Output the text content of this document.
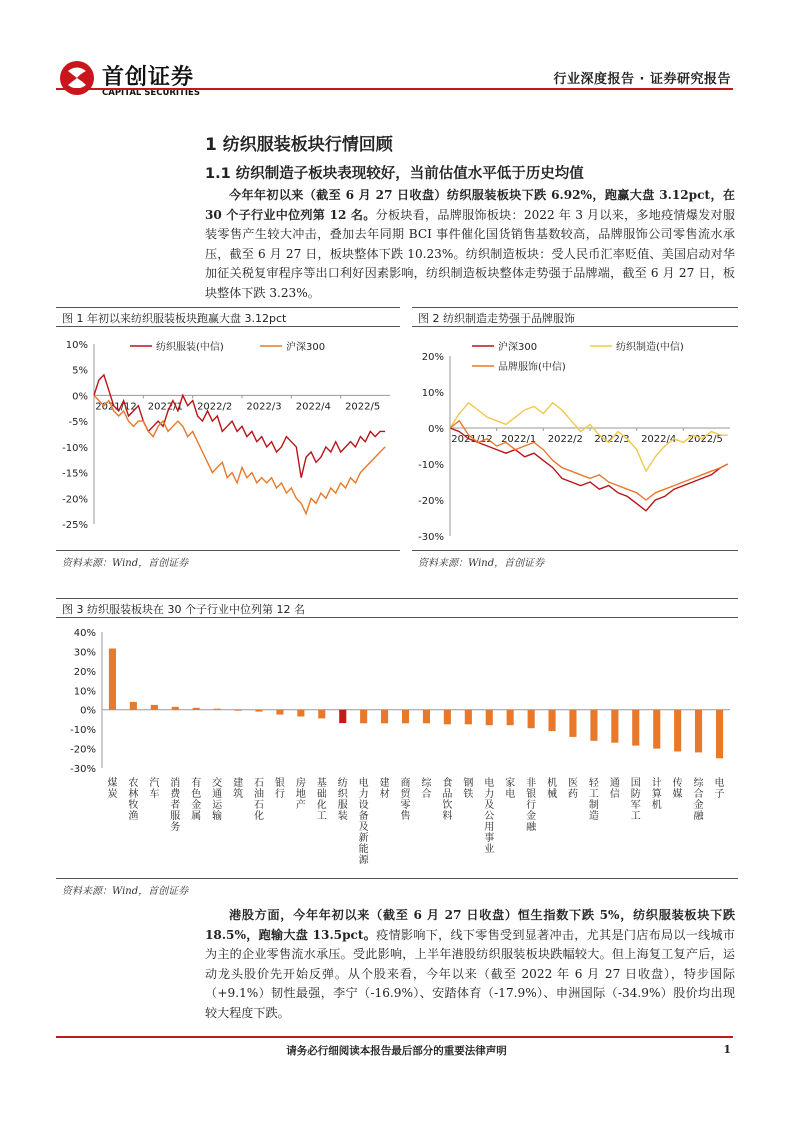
首创证券
CAPITAL SECURITIES
行业深度报告 · 证券研究报告
1 纺织服装板块行情回顾
1.1 纺织制造子板块表现较好，当前估值水平低于历史均值
今年年初以来（截至 6 月 27 日收盘）纺织服装板块下跌 6.92%，跑赢大盘 3.12pct，在 30 个子行业中位列第 12 名。分板块看，品牌服饰板块：2022 年 3 月以来，多地疫情爆发对服装零售产生较大冲击，叠加去年同期 BCI 事件催化国货销售基数较高，品牌服饰公司零售流水承压，截至 6 月 27 日，板块整体下跌 10.23%。纺织制造板块：受人民币汇率贬值、美国启动对华加征关税复审程序等出口利好因素影响，纺织制造板块整体走势强于品牌端，截至 6 月 27 日，板块整体下跌 3.23%。
图 1 年初以来纺织服装板块跑赢大盘 3.12pct
10%
5%
0%
-5%
-10%
-15%
-20%
-25%
2021/12 2022/1 2022/2 2022/3 2022/4 2022/5
纺织服装(中信)	沪深300
资料来源：Wind，首创证券
图 2 纺织制造走势强于品牌服饰
20%
10%
0%
-10%
-20%
-30%
2021/12 2022/1 2022/2 2022/3 2022/4 2022/5
沪深300	纺织制造(中信)
品牌服饰(中信)
资料来源：Wind，首创证券
图 3 纺织服装板块在 30 个子行业中位列第 12 名
40%
30%
20%
10%
0%
-10%
-20%
-30%
煤炭
农林牧渔
汽车
消费者服务
有色金属
交通运输
建筑
石油石化
银行
房地产
基础化工
纺织服装
电力设备及新能源
建材
商贸零售
综合
食品饮料
钢铁
电力及公用事业
家电
非银行金融
机械
医药
轻工制造
通信
国防军工
计算机
传媒
综合金融
电子
资料来源：Wind，首创证券
港股方面，今年年初以来（截至 6 月 27 日收盘）恒生指数下跌 5%，纺织服装板块下跌 18.5%，跑输大盘 13.5pct。疫情影响下，线下零售受到显著冲击，尤其是门店布局以一线城市为主的企业零售流水承压。受此影响，上半年港股纺织服装板块跌幅较大。但上海复工复产后，运动龙头股价先开始反弹。从个股来看，今年以来（截至 2022 年 6 月 27 日收盘），特步国际（+9.1%）韧性最强，李宁（-16.9%）、安踏体育（-17.9%）、申洲国际（-34.9%）股价均出现较大程度下跌。
请务必行细阅读本报告最后部分的重要法律声明	1
